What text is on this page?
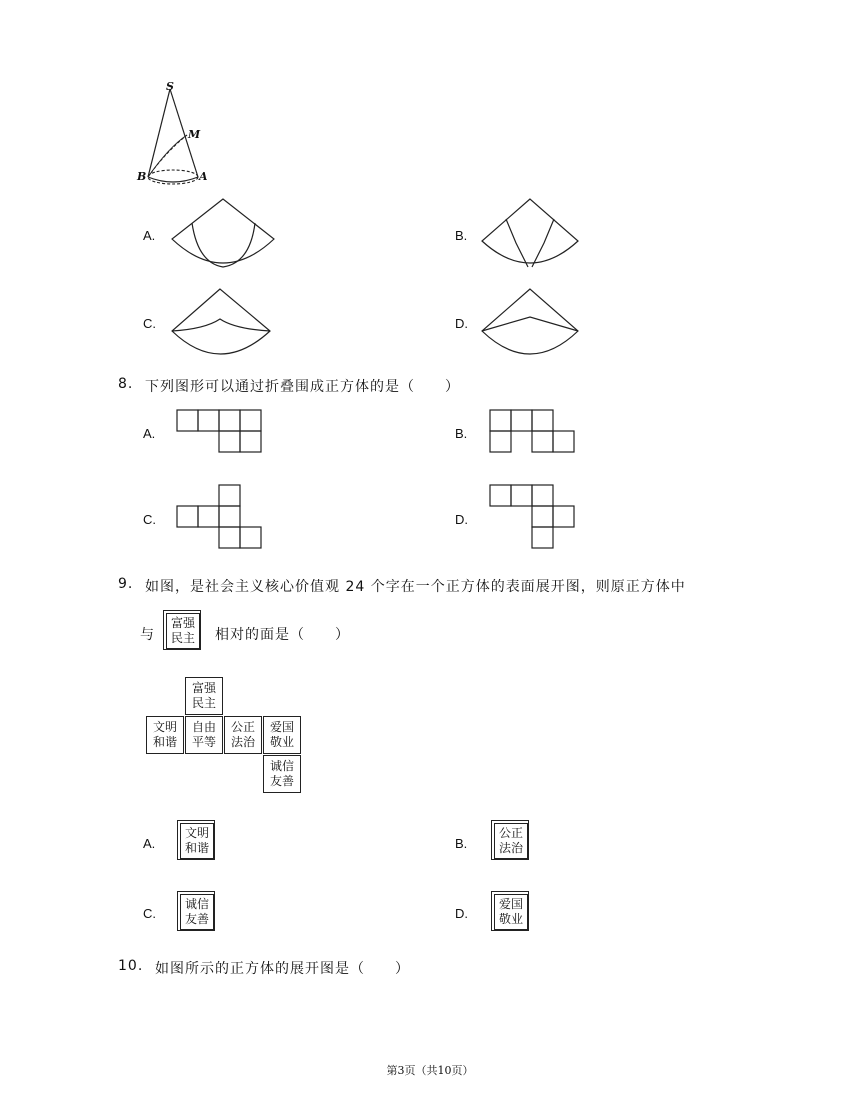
S
M
B	A
A.	B.
C.	D.
8. 下列图形可以通过折叠围成正方体的是（　　）
A.	B.
C.	D.
9. 如图，是社会主义核心价值观 24 个字在一个正方体的表面展开图，则原正方体中
与
富强
民主 相对的面是（　　）
富强
民主
文明
和谐
自由
平等
公正
法治
爱国
敬业
诚信
友善
A.
文明
和谐	B.
公正
法治
C.
诚信
友善	D.
爱国
敬业
10. 如图所示的正方体的展开图是（　　）
第3页（共10页）
